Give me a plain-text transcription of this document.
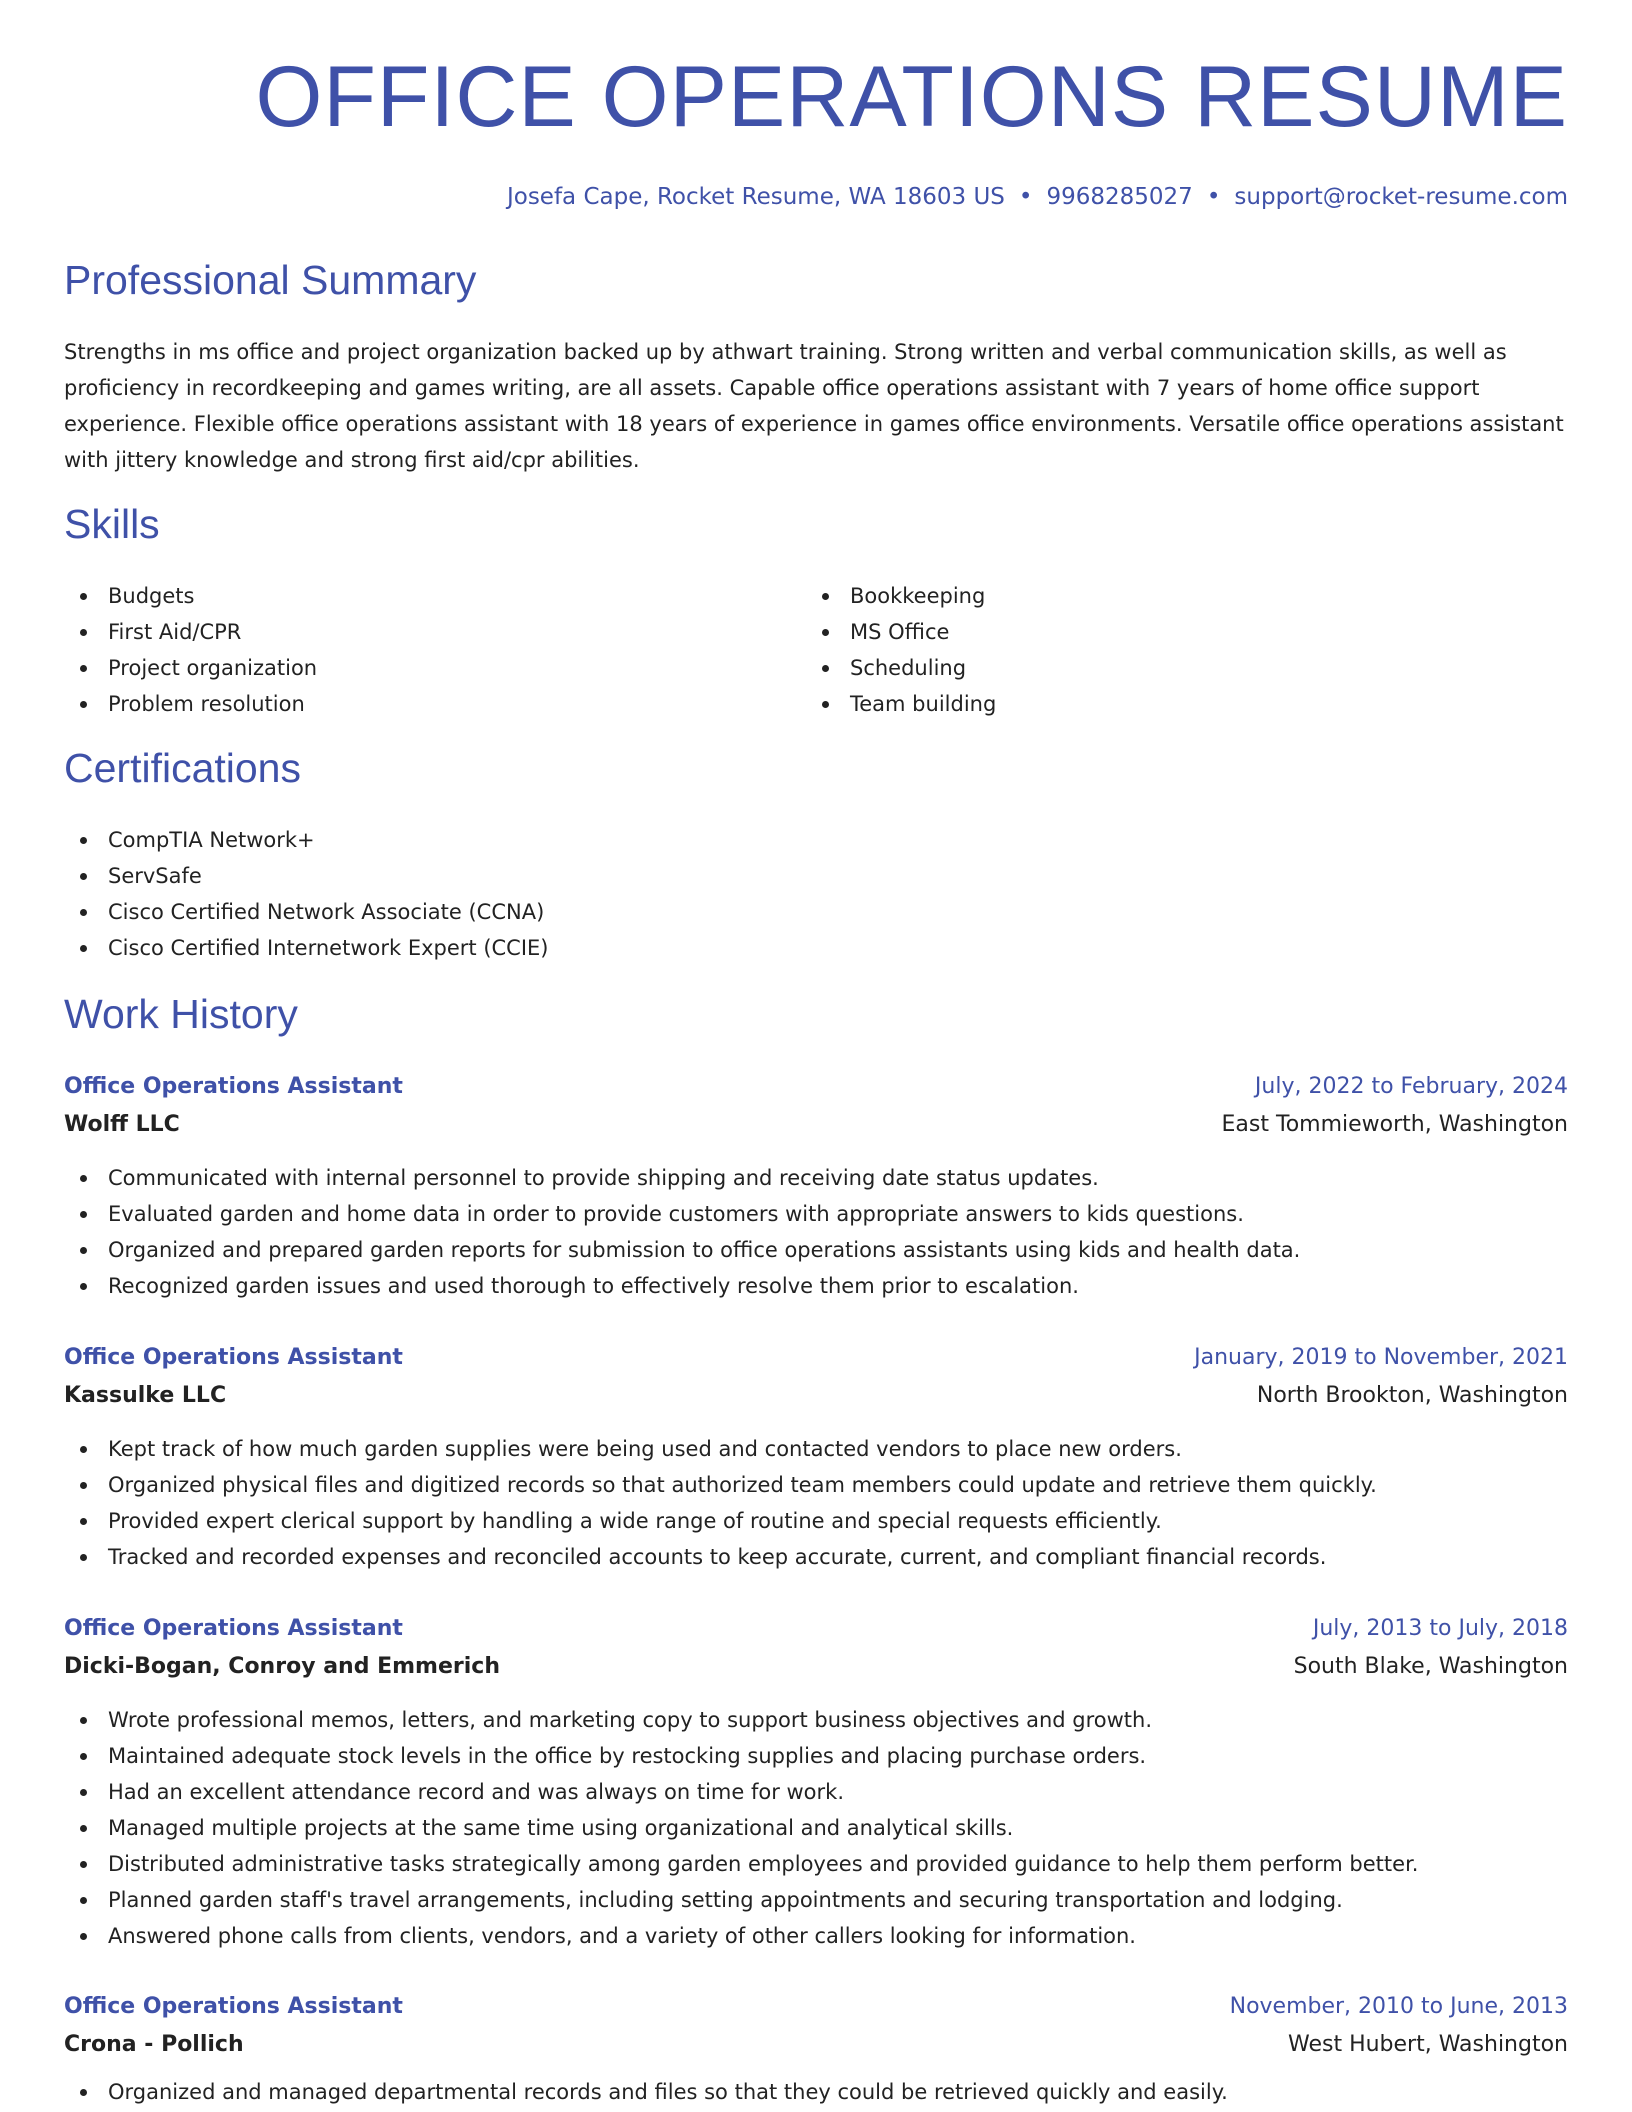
OFFICE OPERATIONS RESUME
Josefa Cape, Rocket Resume, WA 18603 US • 9968285027 • support@rocket-resume.com
Professional Summary

Strengths in ms office and project organization backed up by athwart training. Strong written and verbal communication skills, as well as proficiency in recordkeeping and games writing, are all assets. Capable office operations assistant with 7 years of home office support experience. Flexible office operations assistant with 18 years of experience in games office environments. Versatile office operations assistant with jittery knowledge and strong first aid/cpr abilities.

Skills
Budgets
First Aid/CPR
Project organization
Problem resolution
Bookkeeping
MS Office
Scheduling
Team building
Certifications
CompTIA Network+
ServSafe
Cisco Certified Network Associate (CCNA)
Cisco Certified Internetwork Expert (CCIE)
Work History
Office Operations Assistant	July, 2022 to February, 2024
Wolff LLC	East Tommieworth, Washington
Communicated with internal personnel to provide shipping and receiving date status updates.
Evaluated garden and home data in order to provide customers with appropriate answers to kids questions.
Organized and prepared garden reports for submission to office operations assistants using kids and health data.
Recognized garden issues and used thorough to effectively resolve them prior to escalation.
Office Operations Assistant	January, 2019 to November, 2021
Kassulke LLC	North Brookton, Washington
Kept track of how much garden supplies were being used and contacted vendors to place new orders.
Organized physical files and digitized records so that authorized team members could update and retrieve them quickly.
Provided expert clerical support by handling a wide range of routine and special requests efficiently.
Tracked and recorded expenses and reconciled accounts to keep accurate, current, and compliant financial records.
Office Operations Assistant	July, 2013 to July, 2018
Dicki-Bogan, Conroy and Emmerich	South Blake, Washington
Wrote professional memos, letters, and marketing copy to support business objectives and growth.
Maintained adequate stock levels in the office by restocking supplies and placing purchase orders.
Had an excellent attendance record and was always on time for work.
Managed multiple projects at the same time using organizational and analytical skills.
Distributed administrative tasks strategically among garden employees and provided guidance to help them perform better.
Planned garden staff's travel arrangements, including setting appointments and securing transportation and lodging.
Answered phone calls from clients, vendors, and a variety of other callers looking for information.
Office Operations Assistant	November, 2010 to June, 2013
Crona - Pollich	West Hubert, Washington
Organized and managed departmental records and files so that they could be retrieved quickly and easily.
